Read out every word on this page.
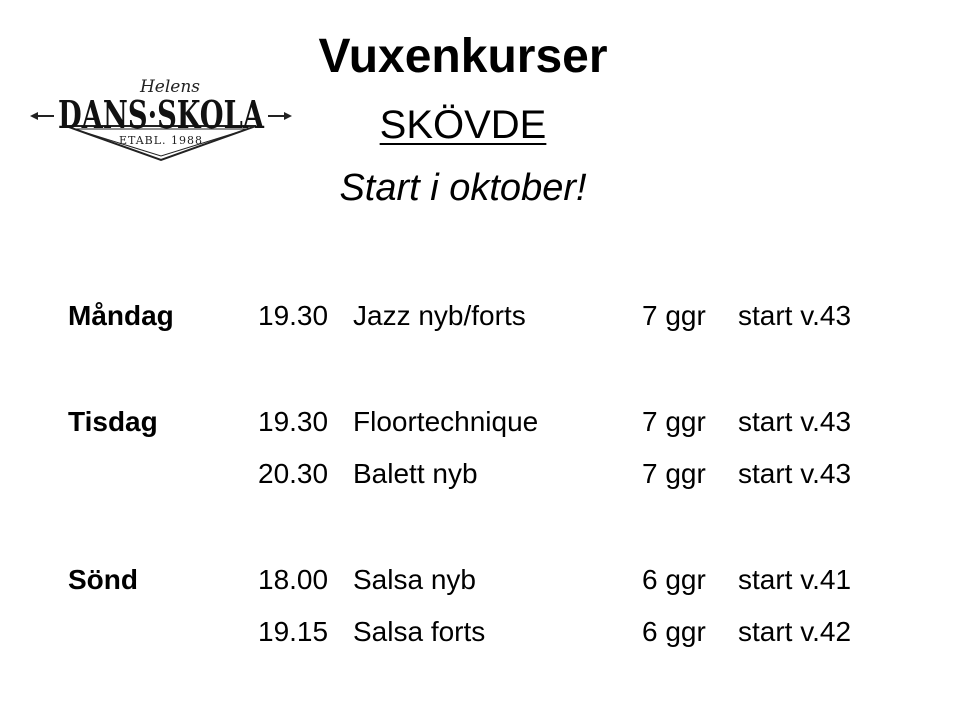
Helens
DANS·SKOLA
ETABL. 1988
Vuxenkurser
SKÖVDE
Start i oktober!
Måndag	19.30 Jazz nyb/forts	7 ggr start v.43
Tisdag	19.30 Floortechnique	7 ggr start v.43
20.30 Balett nyb	7 ggr start v.43
Sönd	18.00 Salsa nyb	6 ggr start v.41
19.15 Salsa forts	6 ggr start v.42
